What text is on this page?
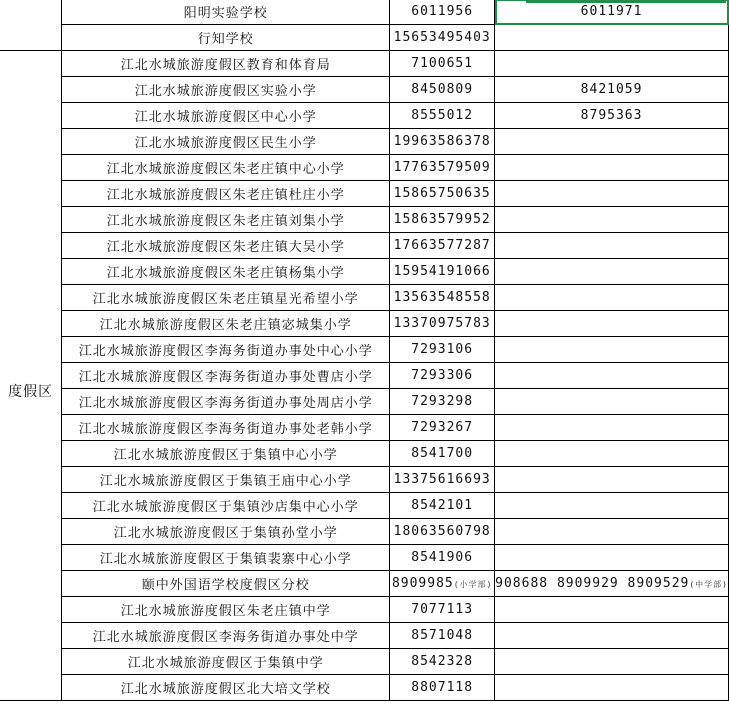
	阳明实验学校	6011956	6011971
	行知学校	15653495403	
度假区	江北水城旅游度假区教育和体育局	7100651	
	江北水城旅游度假区实验小学	8450809	8421059
	江北水城旅游度假区中心小学	8555012	8795363
	江北水城旅游度假区民生小学	19963586378	
	江北水城旅游度假区朱老庄镇中心小学	17763579509	
	江北水城旅游度假区朱老庄镇杜庄小学	15865750635	
	江北水城旅游度假区朱老庄镇刘集小学	15863579952	
	江北水城旅游度假区朱老庄镇大吴小学	17663577287	
	江北水城旅游度假区朱老庄镇杨集小学	15954191066	
	江北水城旅游度假区朱老庄镇星光希望小学	13563548558	
	江北水城旅游度假区朱老庄镇宓城集小学	13370975783	
	江北水城旅游度假区李海务街道办事处中心小学	7293106	
	江北水城旅游度假区李海务街道办事处曹店小学	7293306	
	江北水城旅游度假区李海务街道办事处周店小学	7293298	
	江北水城旅游度假区李海务街道办事处老韩小学	7293267	
	江北水城旅游度假区于集镇中心小学	8541700	
	江北水城旅游度假区于集镇王庙中心小学	13375616693	
	江北水城旅游度假区于集镇沙店集中心小学	8542101	
	江北水城旅游度假区于集镇孙堂小学	18063560798	
	江北水城旅游度假区于集镇裴寨中心小学	8541906	
	颐中外国语学校度假区分校	8909985(小学部)	908688 8909929 8909529(中学部)
	江北水城旅游度假区朱老庄镇中学	7077113	
	江北水城旅游度假区李海务街道办事处中学	8571048	
	江北水城旅游度假区于集镇中学	8542328	
	江北水城旅游度假区北大培文学校	8807118	
